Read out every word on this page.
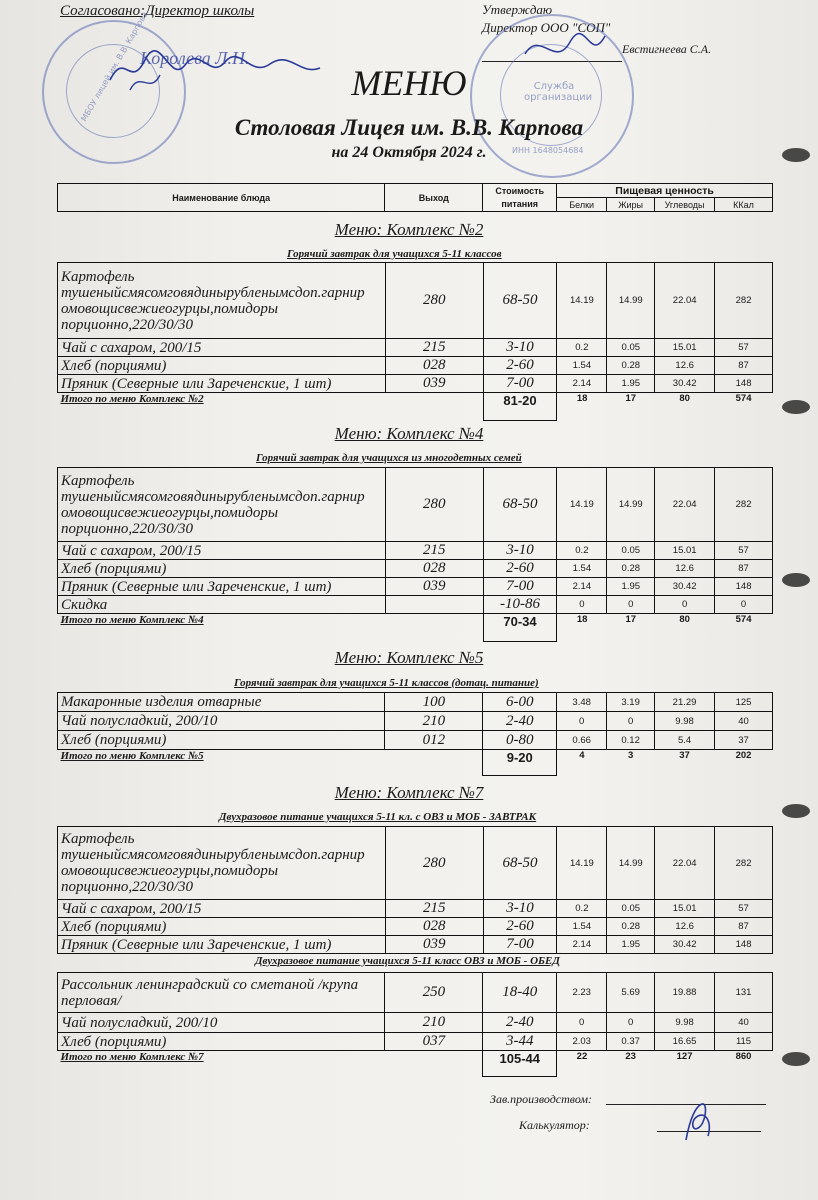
Согласовано:Директор школы	Утверждаю
Директор ООО "СОП"
Евстигнеева С.А.
МБОУ лицей им. В.В. Карпова
Королева Л.Н.
Служба организации
ИНН 1648054684
МЕНЮ
Столовая Лицея им. В.В. Карпова
на 24 Октября 2024 г.
Наименование блюда	Выход	Стоимость	Пищевая ценность			
		питания	Белки	Жиры	Углеводы	ККал
Меню: Комплекс №2
Горячий завтрак для учащихся 5-11 классов
Картофель тушеныйсмясомговядинырубленымсдоп.гарнир омовощисвежиеогурцы,помидоры порционно,220/30/30	280	68-50	14.19	14.99	22.04	282
Чай с сахаром, 200/15	215	3-10	0.2	0.05	15.01	57
Хлеб (порциями)	028	2-60	1.54	0.28	12.6	87
Пряник (Северные или Зареченские, 1 шт)	039	7-00	2.14	1.95	30.42	148
Итого по меню Комплекс №2		81-20	18	17	80	574
Меню: Комплекс №4
Горячий завтрак для учащихся из многодетных семей
Картофель тушеныйсмясомговядинырубленымсдоп.гарнир омовощисвежиеогурцы,помидоры порционно,220/30/30	280	68-50	14.19	14.99	22.04	282
Чай с сахаром, 200/15	215	3-10	0.2	0.05	15.01	57
Хлеб (порциями)	028	2-60	1.54	0.28	12.6	87
Пряник (Северные или Зареченские, 1 шт)	039	7-00	2.14	1.95	30.42	148
Скидка		-10-86	0	0	0	0
Итого по меню Комплекс №4		70-34	18	17	80	574
Меню: Комплекс №5
Горячий завтрак для учащихся 5-11 классов (дотац. питание)
Макаронные изделия отварные	100	6-00	3.48	3.19	21.29	125
Чай полусладкий, 200/10	210	2-40	0	0	9.98	40
Хлеб (порциями)	012	0-80	0.66	0.12	5.4	37
Итого по меню Комплекс №5		9-20	4	3	37	202
Меню: Комплекс №7
Двухразовое питание учащихся 5-11 кл. с ОВЗ и МОБ - ЗАВТРАК
Картофель тушеныйсмясомговядинырубленымсдоп.гарнир омовощисвежиеогурцы,помидоры порционно,220/30/30	280	68-50	14.19	14.99	22.04	282
Чай с сахаром, 200/15	215	3-10	0.2	0.05	15.01	57
Хлеб (порциями)	028	2-60	1.54	0.28	12.6	87
Пряник (Северные или Зареченские, 1 шт)	039	7-00	2.14	1.95	30.42	148
Двухразовое питание учащихся 5-11 класс ОВЗ и МОБ - ОБЕД
Рассольник ленинградский со сметаной /крупа перловая/	250	18-40	2.23	5.69	19.88	131
Чай полусладкий, 200/10	210	2-40	0	0	9.98	40
Хлеб (порциями)	037	3-44	2.03	0.37	16.65	115
Итого по меню Комплекс №7		105-44	22	23	127	860
Зав.производством:
Калькулятор:
